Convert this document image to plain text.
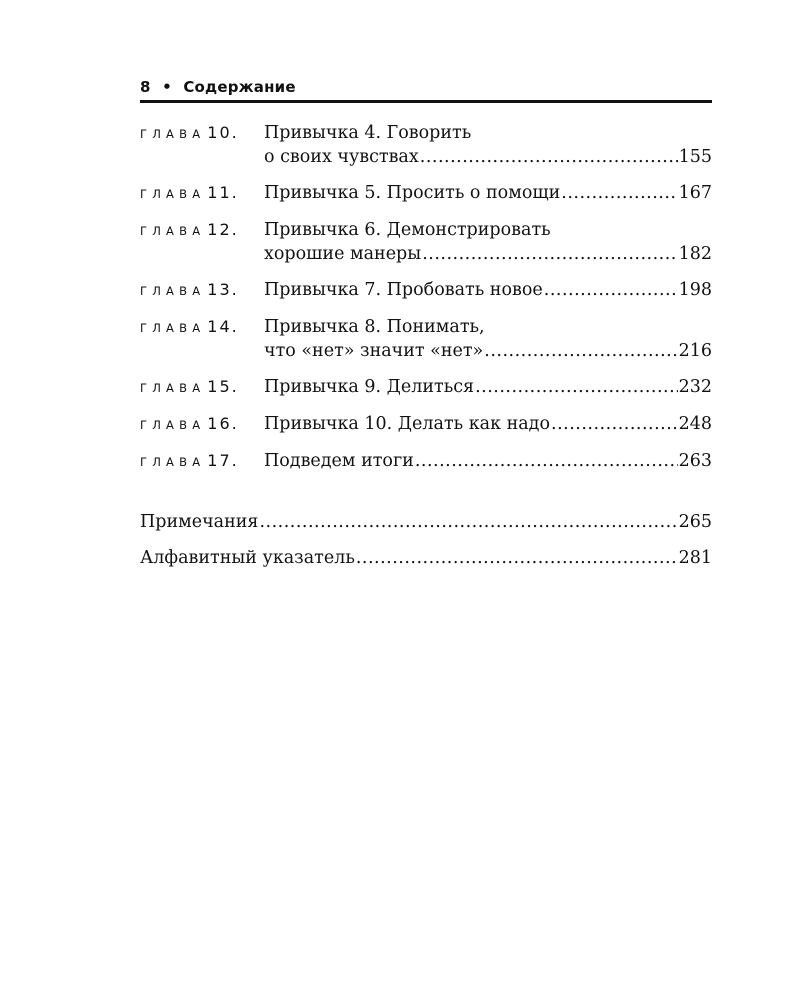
8 • Содержание
ГЛАВА 10.	Привычка 4. Говорить
о своих чувствах .....	155
ГЛАВА 11.	Привычка 5. Просить о помощи .....	167
ГЛАВА 12.	Привычка 6. Демонстрировать
хорошие манеры .....	182
ГЛАВА 13.	Привычка 7. Пробовать новое .....	198
ГЛАВА 14.	Привычка 8. Понимать,
что «нет» значит «нет» .....	216
ГЛАВА 15.	Привычка 9. Делиться .....	232
ГЛАВА 16.	Привычка 10. Делать как надо .....	248
ГЛАВА 17.	Подведем итоги .....	263
Примечания .....	265
Алфавитный указатель .....	281
